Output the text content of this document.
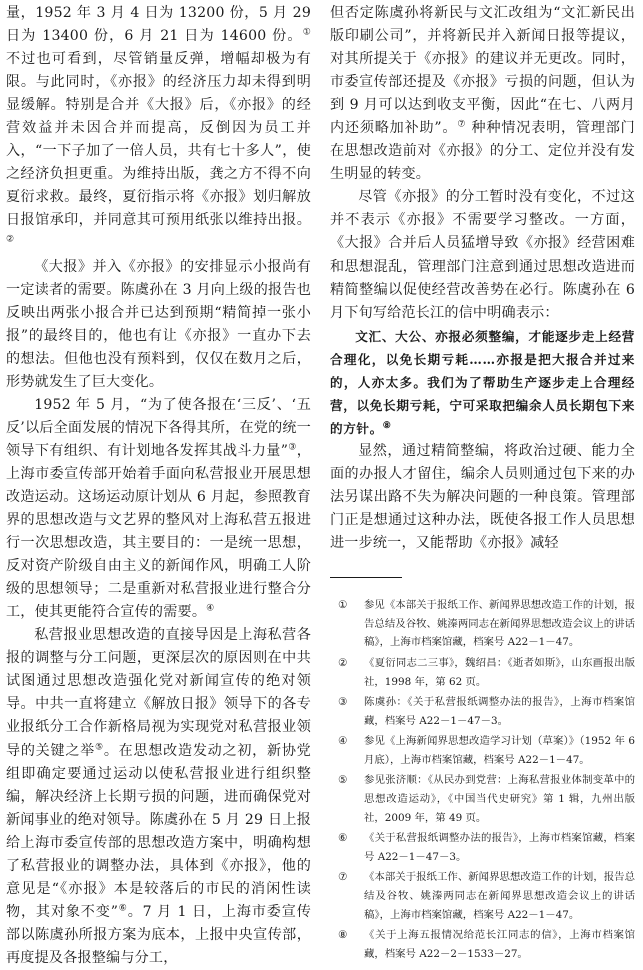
量，1952 年 3 月 4 日为 13200 份，5 月 29 日为 13400 份，6 月 21 日为 14600 份。① 不过也可看到，尽管销量反弹，增幅却极为有限。与此同时，《亦报》的经济压力却未得到明显缓解。特别是合并《大报》后，《亦报》的经营效益并未因合并而提高，反倒因为员工并入，“一下子加了一倍人员，共有七十多人”，使之经济负担更重。为维持出版，龚之方不得不向夏衍求救。最终，夏衍指示将《亦报》划归解放日报馆承印，并同意其可预用纸张以维持出报。②

《大报》并入《亦报》的安排显示小报尚有一定读者的需要。陈虞孙在 3 月向上级的报告也反映出两张小报合并已达到预期“精简掉一张小报”的最终目的，他也有让《亦报》一直办下去的想法。但他也没有预料到，仅仅在数月之后，形势就发生了巨大变化。

1952 年 5 月，“为了使各报在‘三反’、‘五反’以后全面发展的情况下各得其所，在党的统一领导下有组织、有计划地各发挥其战斗力量”③，上海市委宣传部开始着手面向私营报业开展思想改造运动。这场运动原计划从 6 月起，参照教育界的思想改造与文艺界的整风对上海私营五报进行一次思想改造，其主要目的：一是统一思想，反对资产阶级自由主义的新闻作风，明确工人阶级的思想领导；二是重新对私营报业进行整合分工，使其更能符合宣传的需要。④

私营报业思想改造的直接导因是上海私营各报的调整与分工问题，更深层次的原因则在中共试图通过思想改造强化党对新闻宣传的绝对领导。中共一直将建立《解放日报》领导下的各专业报纸分工合作新格局视为实现党对私营报业领导的关键之举⑤。在思想改造发动之初，新协党组即确定要通过运动以使私营报业进行组织整编，解决经济上长期亏损的问题，进而确保党对新闻事业的绝对领导。陈虞孙在 5 月 29 日上报给上海市委宣传部的思想改造方案中，明确构想了私营报业的调整办法，具体到《亦报》，他的意见是“《亦报》本是较落后的市民的消闲性读物，其对象不变”⑥。7 月 1 日，上海市委宣传部以陈虞孙所报方案为底本，上报中央宣传部，再度提及各报整编与分工，

但否定陈虞孙将新民与文汇改组为“文汇新民出版印刷公司”，并将新民并入新闻日报等提议，对其所提关于《亦报》的建议并无更改。同时，市委宣传部还提及《亦报》亏损的问题，但认为到 9 月可以达到收支平衡，因此“在七、八两月内还须略加补助”。⑦ 种种情况表明，管理部门在思想改造前对《亦报》的分工、定位并没有发生明显的转变。

尽管《亦报》的分工暂时没有变化，不过这并不表示《亦报》不需要学习整改。一方面，《大报》合并后人员猛增导致《亦报》经营困难和思想混乱，管理部门注意到通过思想改造进而精简整编以促使经营改善势在必行。陈虞孙在 6 月下旬写给范长江的信中明确表示：

文汇、大公、亦报必须整编，才能逐步走上经营合理化，以免长期亏耗……亦报是把大报合并过来的，人亦太多。我们为了帮助生产逐步走上合理经营，以免长期亏耗，宁可采取把编余人员长期包下来的方针。⑧

显然，通过精简整编，将政治过硬、能力全面的办报人才留住，编余人员则通过包下来的办法另谋出路不失为解决问题的一种良策。管理部门正是想通过这种办法，既使各报工作人员思想进一步统一，又能帮助《亦报》减轻

① 参见《本部关于报纸工作、新闻界思想改造工作的计划，报告总结及谷牧、姚溱两同志在新闻界思想改造会议上的讲话稿》，上海市档案馆藏，档案号 A22－1－47。
② 《夏衍同志二三事》，魏绍昌：《逝者如斯》，山东画报出版社，1998 年，第 62 页。
③ 陈虞孙：《关于私营报纸调整办法的报告》，上海市档案馆藏，档案号 A22－1－47－3。
④ 参见《上海新闻界思想改造学习计划（草案）》（1952 年 6 月底），上海市档案馆藏，档案号 A22－1－47。
⑤ 参见张济顺：《从民办到党营：上海私营报业体制变革中的思想改造运动》，《中国当代史研究》第 1 辑，九州出版社，2009 年，第 49 页。
⑥ 《关于私营报纸调整办法的报告》，上海市档案馆藏，档案号 A22－1－47－3。
⑦ 《本部关于报纸工作、新闻界思想改造工作的计划，报告总结及谷牧、姚溱两同志在新闻界思想改造会议上的讲话稿》，上海市档案馆藏，档案号 A22－1－47。
⑧ 《关于上海五报情况给范长江同志的信》，上海市档案馆藏，档案号 A22－2－1533－27。
